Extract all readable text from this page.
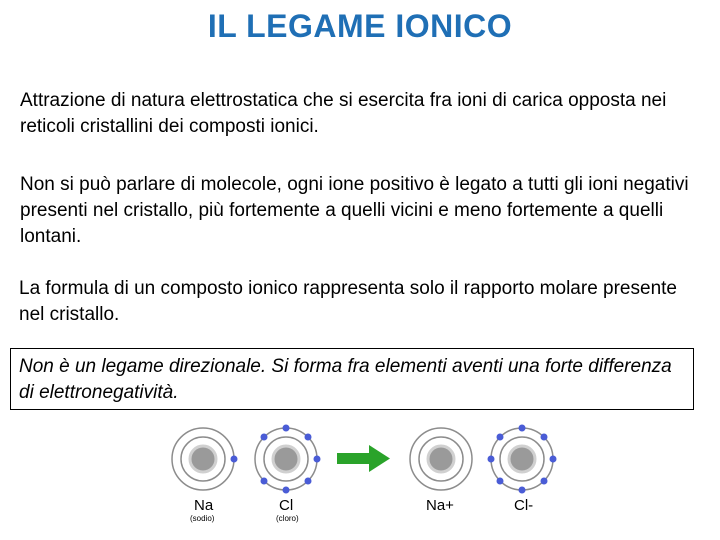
IL LEGAME IONICO

Attrazione di natura elettrostatica che si esercita fra ioni di carica opposta nei reticoli cristallini dei composti ionici.

Non si può parlare di molecole, ogni ione positivo è legato a tutti gli ioni negativi presenti nel cristallo, più fortemente a quelli vicini e meno fortemente a quelli lontani.

La formula di un composto ionico rappresenta solo il rapporto molare presente nel cristallo.

Non è un legame direzionale. Si forma fra elementi aventi una forte differenza di elettronegatività.
Na
(sodio)
Cl
(cloro)
Na+	Cl-
